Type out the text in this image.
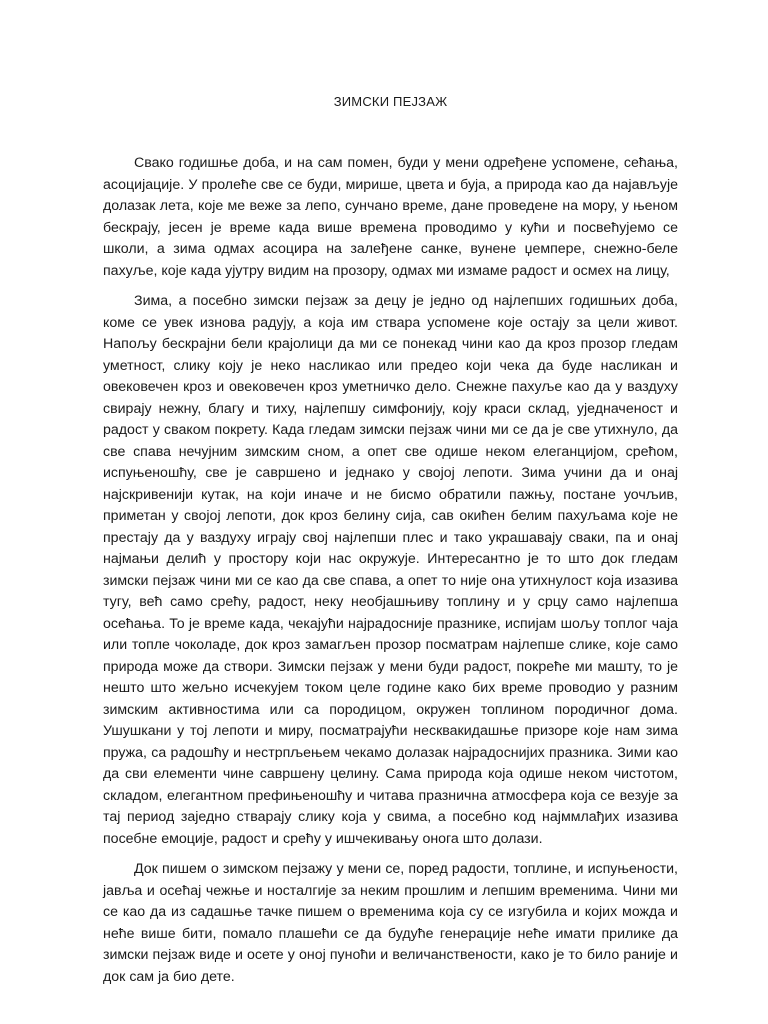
ЗИМСКИ ПЕЈЗАЖ

Свако годишње доба, и на сам помен, буди у мени одређене успомене, сећања, асоцијације. У пролеће све се буди, мирише, цвета и буја, а природа као да најављује долазак лета, које ме веже за лепо, сунчано време, дане проведене на мору, у њеном бескрају, јесен је време када више времена проводимо у кући и посвећујемо се школи, а зима одмах асоцира на залеђене санке, вунене џемпере, снежно-беле пахуље, које када ујутру видим на прозору, одмах ми измаме радост и осмех на лицу,

Зима, а посебно зимски пејзаж за децу је једно од најлепших годишњих доба, коме се увек изнова радују, а која им ствара успомене које остају за цели живот. Напољу бескрајни бели крајолици да ми се понекад чини као да кроз прозор гледам уметност, слику коју је неко насликао или предео који чека да буде насликан и овековечен кроз и овековечен кроз уметничко дело. Снежне пахуље као да у ваздуху свирају нежну, благу и тиху, најлепшу симфонију, коју краси склад, уједначеност и радост у сваком покрету. Када гледам зимски пејзаж чини ми се да је све утихнуло, да све спава нечујним зимским сном, а опет све одише неком елеганцијом, срећом, испуњеношћу, све је савршено и једнако у својој лепоти. Зима учини да и онај најскривенији кутак, на који иначе и не бисмо обратили пажњу, постане уочљив, приметан у својој лепоти, док кроз белину сија, сав окићен белим пахуљама које не престају да у ваздуху играју свој најлепши плес и тако украшавају сваки, па и онај најмањи делић у простору који нас окружује. Интересантно је то што док гледам зимски пејзаж чини ми се као да све спава, а опет то није она утихнулост која изазива тугу, већ само срећу, радост, неку необјашњиву топлину и у срцу само најлепша осећања. То је време када, чекајући најрадосније празнике, испијам шољу топлог чаја или топле чоколаде, док кроз замагљен прозор посматрам најлепше слике, које само природа може да створи. Зимски пејзаж у мени буди радост, покреће ми машту, то је нешто што жељно исчекујем током целе године како бих време проводио у разним зимским активностима или са породицом, окружен топлином породичног дома. Ушушкани у тој лепоти и миру, посматрајући несквакидашње призоре које нам зима пружа, са радошћу и нестрпљењем чекамо долазак најрадоснијих празника. Зими као да сви елементи чине савршену целину. Сама природа која одише неком чистотом, складом, елегантном префињеношћу и читава празнична атмосфера која се везује за тај период заједно стварају слику која у свима, а посебно код најммлађих изазива посебне емоције, радост и срећу у ишчекивању онога што долази.

Док пишем о зимском пејзажу у мени се, поред радости, топлине, и испуњености, јавља и осећај чежње и носталгије за неким прошлим и лепшим временима. Чини ми се као да из садашње тачке пишем о временима која су се изгубила и којих можда и неће више бити, помало плашећи се да будуће генерације неће имати прилике да зимски пејзаж виде и осете у оној пуноћи и величанствености, како је то било раније и док сам ја био дете.
